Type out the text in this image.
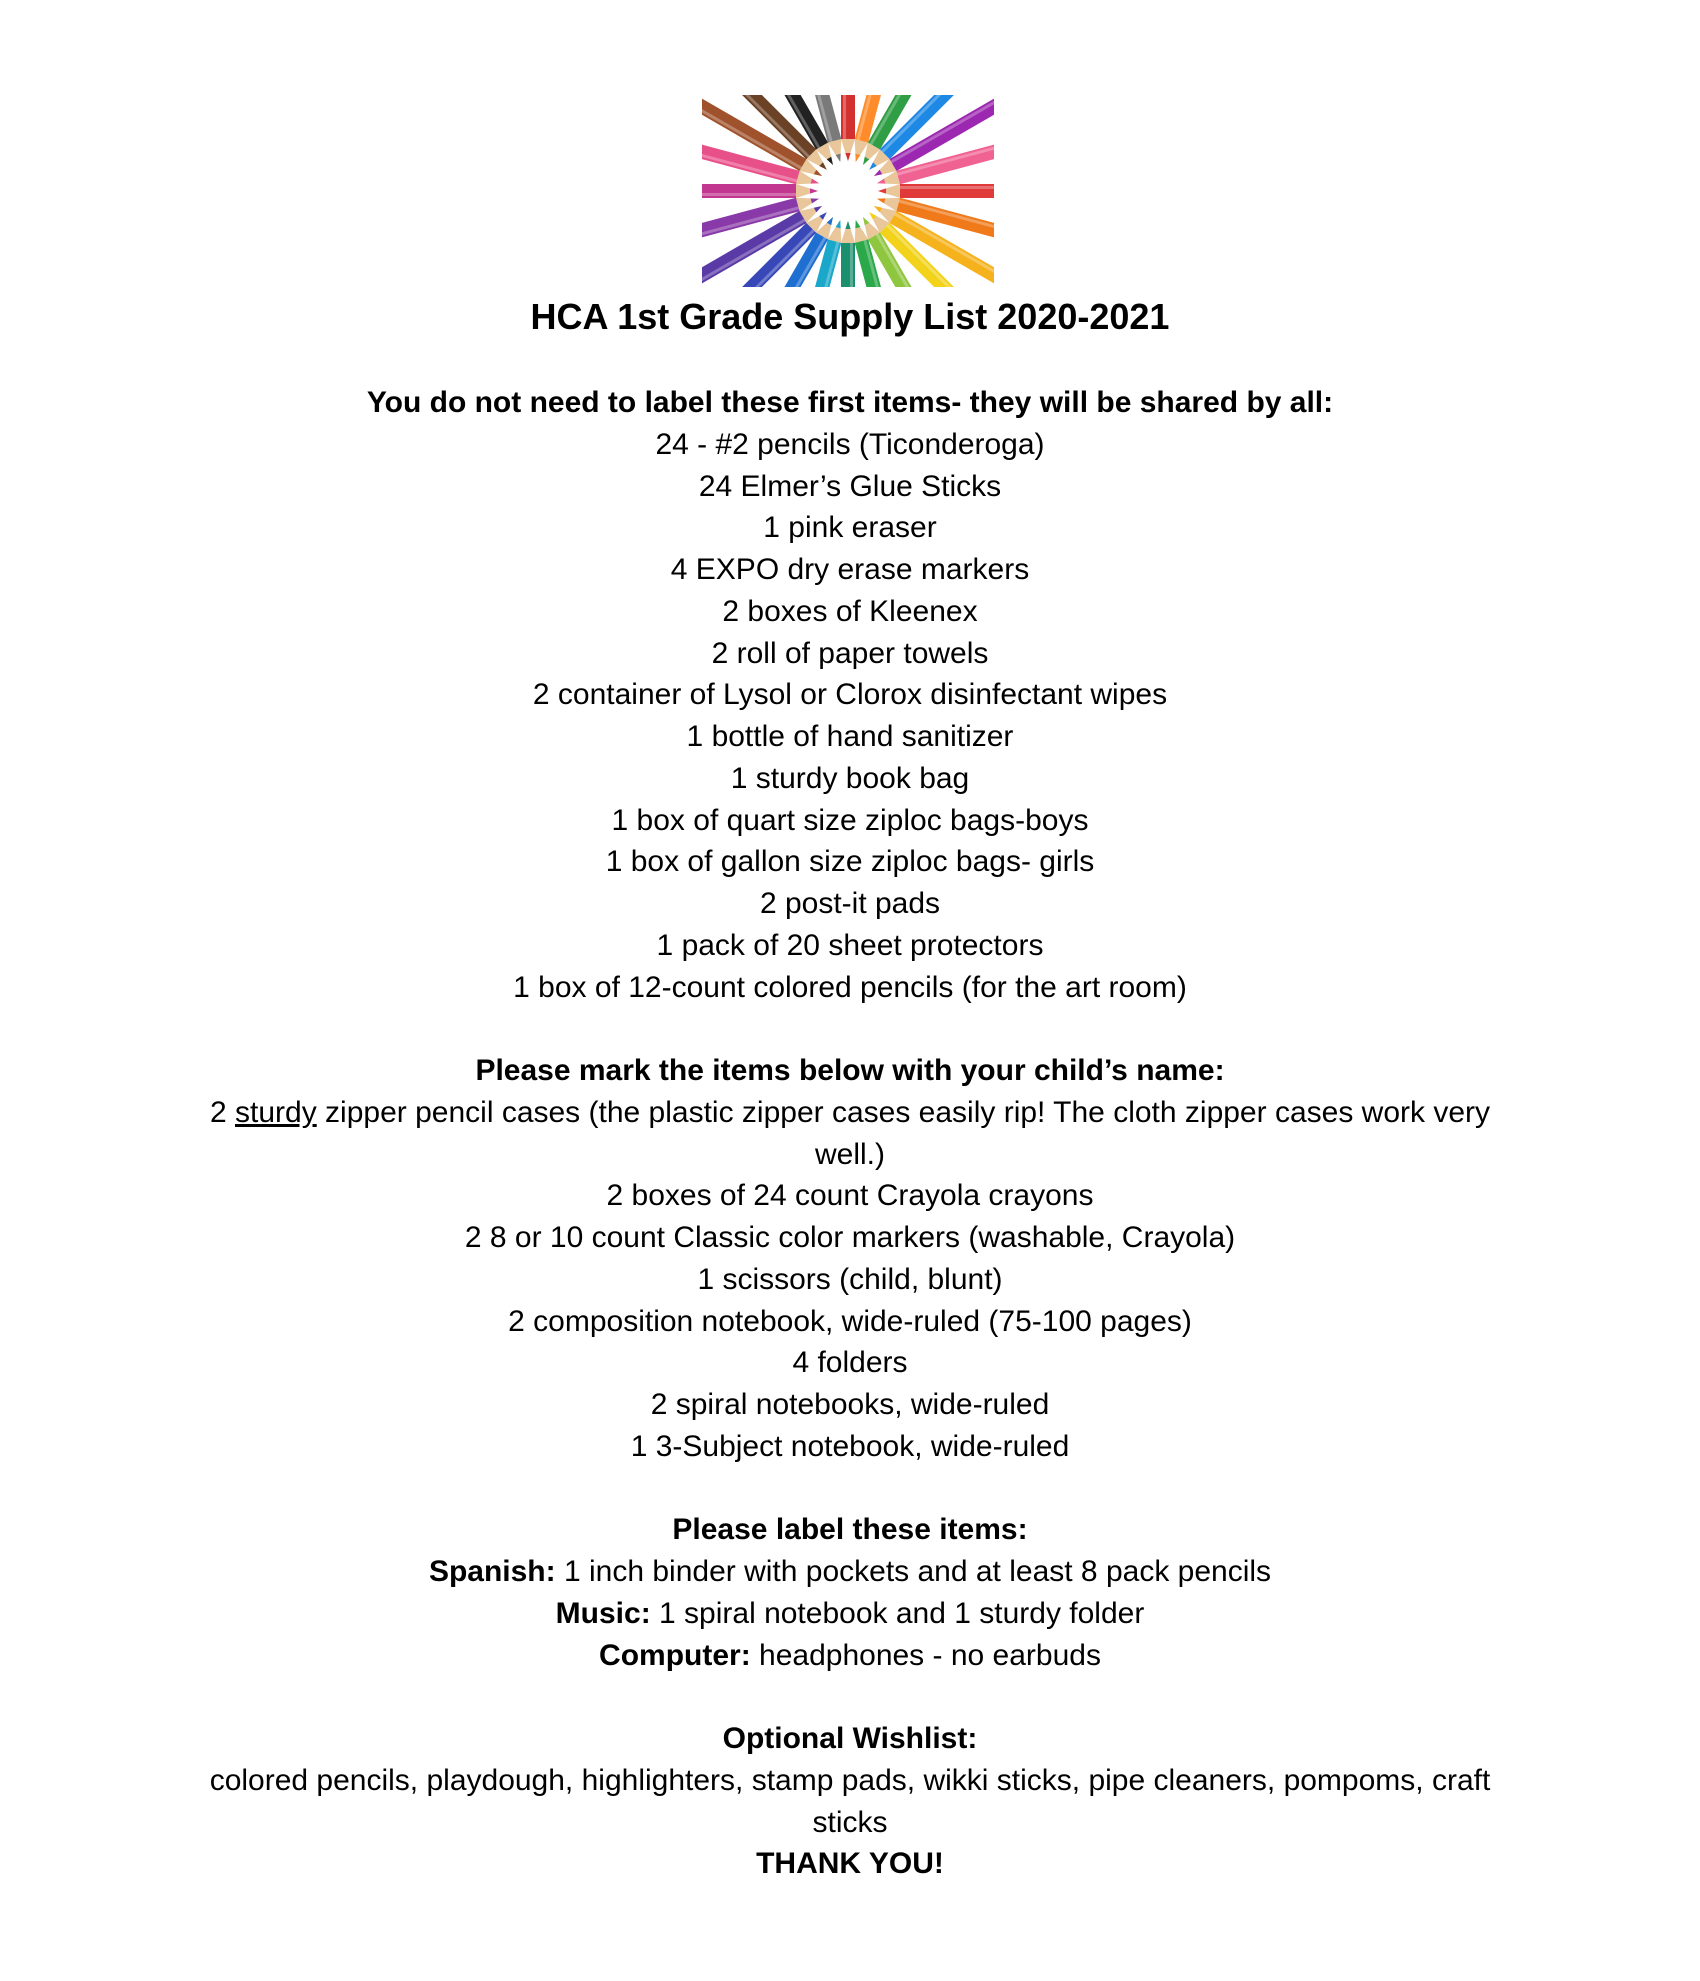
HCA 1st Grade Supply List 2020-2021
You do not need to label these first items- they will be shared by all:
24 - #2 pencils (Ticonderoga)
24 Elmer’s Glue Sticks
1 pink eraser
4 EXPO dry erase markers
2 boxes of Kleenex
2 roll of paper towels
2 container of Lysol or Clorox disinfectant wipes
1 bottle of hand sanitizer
1 sturdy book bag
1 box of quart size ziploc bags-boys
1 box of gallon size ziploc bags- girls
2 post-it pads
1 pack of 20 sheet protectors
1 box of 12-count colored pencils (for the art room)
Please mark the items below with your child’s name:
2 sturdy zipper pencil cases (the plastic zipper cases easily rip! The cloth zipper cases work very well.)
2 boxes of 24 count Crayola crayons
2 8 or 10 count Classic color markers (washable, Crayola)
1 scissors (child, blunt)
2 composition notebook, wide-ruled (75-100 pages)
4 folders
2 spiral notebooks, wide-ruled
1 3-Subject notebook, wide-ruled
Please label these items:
Spanish: 1 inch binder with pockets and at least 8 pack pencils
Music: 1 spiral notebook and 1 sturdy folder
Computer: headphones - no earbuds
Optional Wishlist:
colored pencils, playdough, highlighters, stamp pads, wikki sticks, pipe cleaners, pompoms, craft sticks
THANK YOU!
